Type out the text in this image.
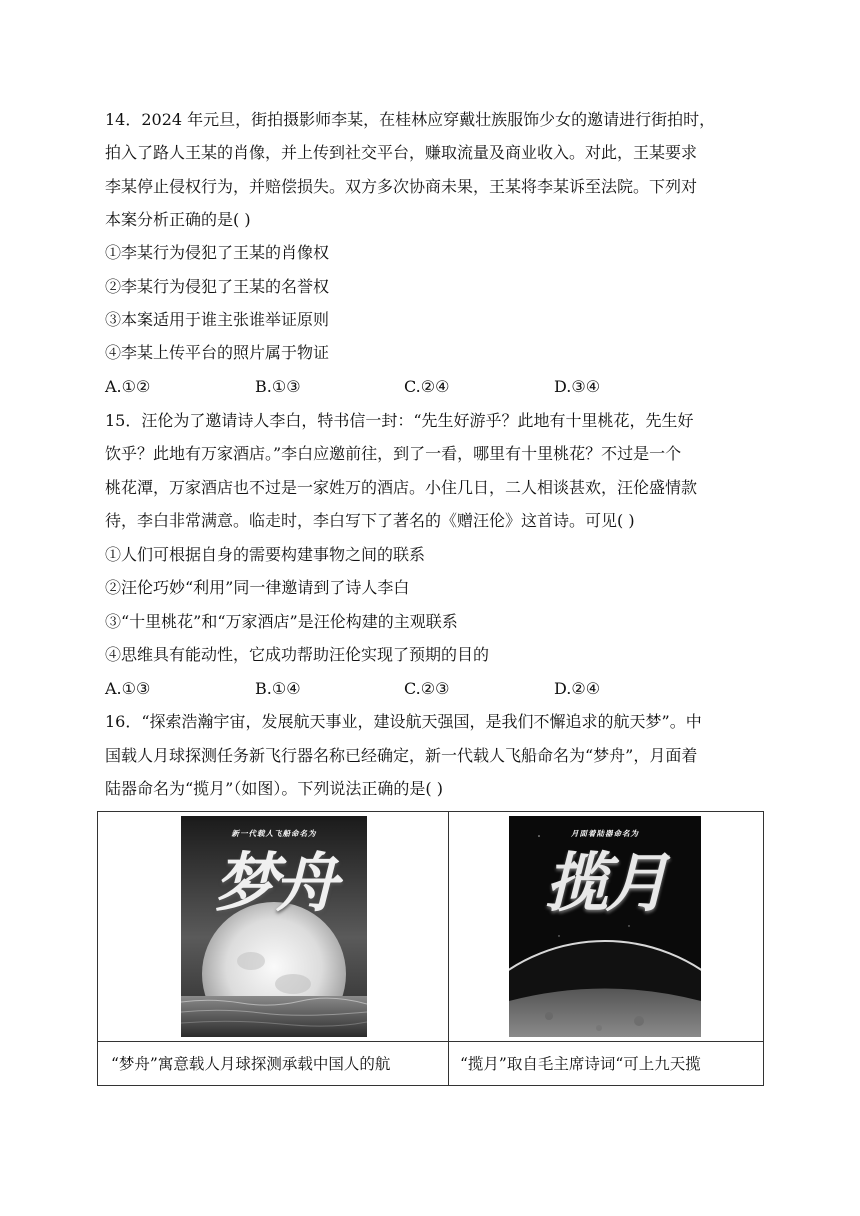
14．2024 年元旦，街拍摄影师李某，在桂林应穿戴壮族服饰少女的邀请进行街拍时，
拍入了路人王某的肖像，并上传到社交平台，赚取流量及商业收入。对此，王某要求
李某停止侵权行为，并赔偿损失。双方多次协商未果，王某将李某诉至法院。下列对
本案分析正确的是( )
①李某行为侵犯了王某的肖像权
②李某行为侵犯了王某的名誉权
③本案适用于谁主张谁举证原则
④李某上传平台的照片属于物证
A.①②	B.①③	C.②④	D.③④
15．汪伦为了邀请诗人李白，特书信一封：“先生好游乎？此地有十里桃花，先生好
饮乎？此地有万家酒店。”李白应邀前往，到了一看，哪里有十里桃花？不过是一个
桃花潭，万家酒店也不过是一家姓万的酒店。小住几日，二人相谈甚欢，汪伦盛情款
待，李白非常满意。临走时，李白写下了著名的《赠汪伦》这首诗。可见( )
①人们可根据自身的需要构建事物之间的联系
②汪伦巧妙“利用”同一律邀请到了诗人李白
③“十里桃花”和“万家酒店”是汪伦构建的主观联系
④思维具有能动性，它成功帮助汪伦实现了预期的目的
A.①③	B.①④	C.②③	D.②④
16．“探索浩瀚宇宙，发展航天事业，建设航天强国，是我们不懈追求的航天梦”。中
国载人月球探测任务新飞行器名称已经确定，新一代载人飞船命名为“梦舟”，月面着
陆器命名为“揽月”（如图）。下列说法正确的是( )
新一代载人飞船命名为
梦舟
月面着陆器命名为
揽月
“梦舟”寓意载人月球探测承载中国人的航	“揽月”取自毛主席诗词“可上九天揽
